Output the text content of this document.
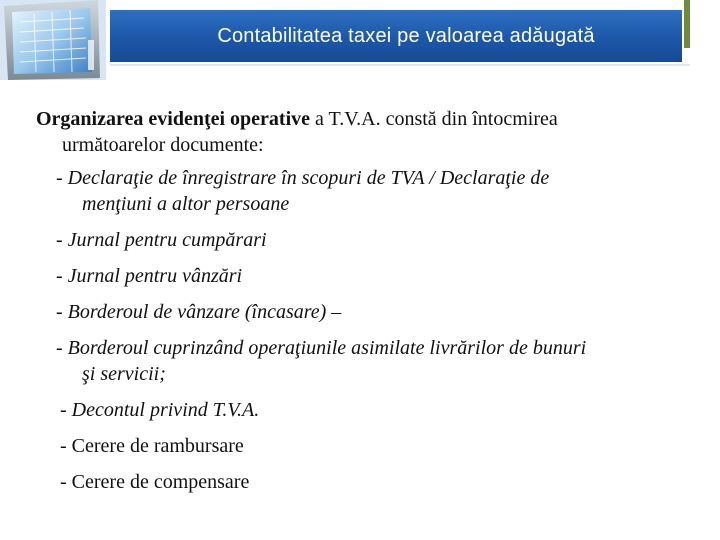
Contabilitatea taxei pe valoarea adăugată

Organizarea evidenţei operative a T.V.A. constă din întocmirea
următoarelor documente:

- Declaraţie de înregistrare în scopuri de TVA / Declaraţie de
menţiuni a altor persoane

- Jurnal pentru cumpărari

- Jurnal pentru vânzări

- Borderoul de vânzare (încasare) –

- Borderoul cuprinzând operaţiunile asimilate livrărilor de bunuri
şi servicii;

- Decontul privind T.V.A.

- Cerere de rambursare

- Cerere de compensare
